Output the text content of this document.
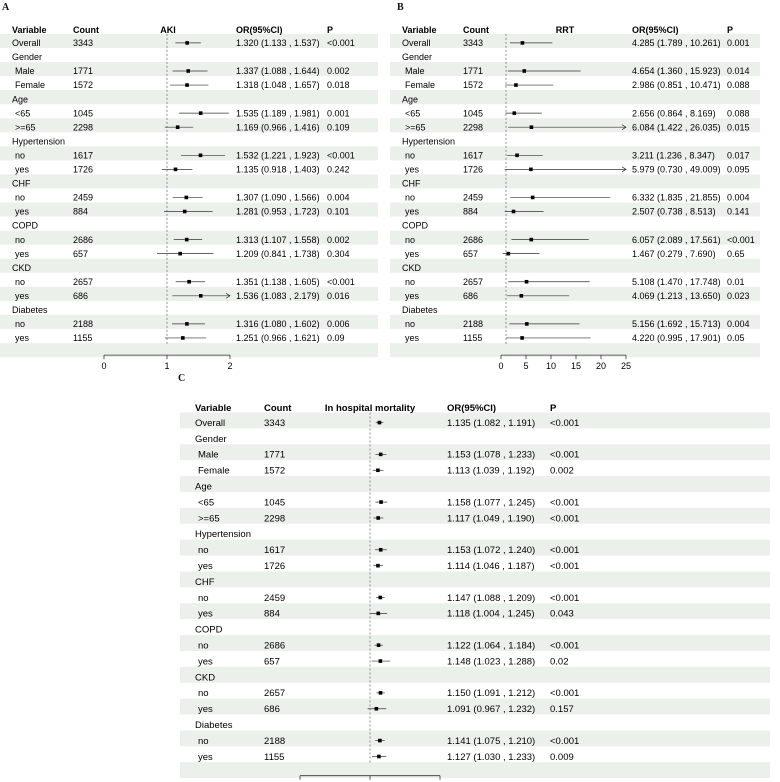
A	B
C
Variable	Count	AKI	OR(95%CI)	P
Overall	3343	1.320 (1.133 , 1.537) <0.001
Gender
Male	1771	1.337 (1.088 , 1.644) 0.002
Female	1572	1.318 (1.048 , 1.657) 0.018
Age
<65	1045	1.535 (1.189 , 1.981) 0.001
>=65	2298	1.169 (0.966 , 1.416) 0.109
Hypertension
no	1617	1.532 (1.221 , 1.923) <0.001
yes	1726	1.135 (0.918 , 1.403) 0.242
CHF
no	2459	1.307 (1.090 , 1.566) 0.004
yes	884	1.281 (0.953 , 1.723) 0.101
COPD
no	2686	1.313 (1.107 , 1.558) 0.002
yes	657	1.209 (0.841 , 1.738) 0.304
CKD
no	2657	1.351 (1.138 , 1.605) <0.001
yes	686	1.536 (1.083 , 2.179) 0.016
Diabetes
no	2188	1.316 (1.080 , 1.602) 0.006
yes	1155	1.251 (0.966 , 1.621) 0.09
0	1	2
Variable	Count	RRT	OR(95%CI)	P
Overall	3343	4.285 (1.789 , 10.261) 0.001
Gender
Male	1771	4.654 (1.360 , 15.923) 0.014
Female	1572	2.986 (0.851 , 10.471) 0.088
Age
<65	1045	2.656 (0.864 , 8.169) 0.088
>=65	2298	6.084 (1.422 , 26.035) 0.015
Hypertension
no	1617	3.211 (1.236 , 8.347) 0.017
yes	1726	5.979 (0.730 , 49.009) 0.095
CHF
no	2459	6.332 (1.835 , 21.855) 0.004
yes	884	2.507 (0.738 , 8.513) 0.141
COPD
no	2686	6.057 (2.089 , 17.561) <0.001
yes	657	1.467 (0.279 , 7.690) 0.65
CKD
no	2657	5.108 (1.470 , 17.748) 0.01
yes	686	4.069 (1.213 , 13.650) 0.023
Diabetes
no	2188	5.156 (1.692 , 15.713) 0.004
yes	1155	4.220 (0.995 , 17.901) 0.05
0 5 10 15 20 25
Variable	Count	In hospital mortality	OR(95%CI)	P
Overall	3343	1.135 (1.082 , 1.191) <0.001
Gender
Male	1771	1.153 (1.078 , 1.233) <0.001
Female	1572	1.113 (1.039 , 1.192) 0.002
Age
<65	1045	1.158 (1.077 , 1.245) <0.001
>=65	2298	1.117 (1.049 , 1.190) <0.001
Hypertension
no	1617	1.153 (1.072 , 1.240) <0.001
yes	1726	1.114 (1.046 , 1.187) <0.001
CHF
no	2459	1.147 (1.088 , 1.209) <0.001
yes	884	1.118 (1.004 , 1.245) 0.043
COPD
no	2686	1.122 (1.064 , 1.184) <0.001
yes	657	1.148 (1.023 , 1.288) 0.02
CKD
no	2657	1.150 (1.091 , 1.212) <0.001
yes	686	1.091 (0.967 , 1.232) 0.157
Diabetes
no	2188	1.141 (1.075 , 1.210) <0.001
yes	1155	1.127 (1.030 , 1.233) 0.009
